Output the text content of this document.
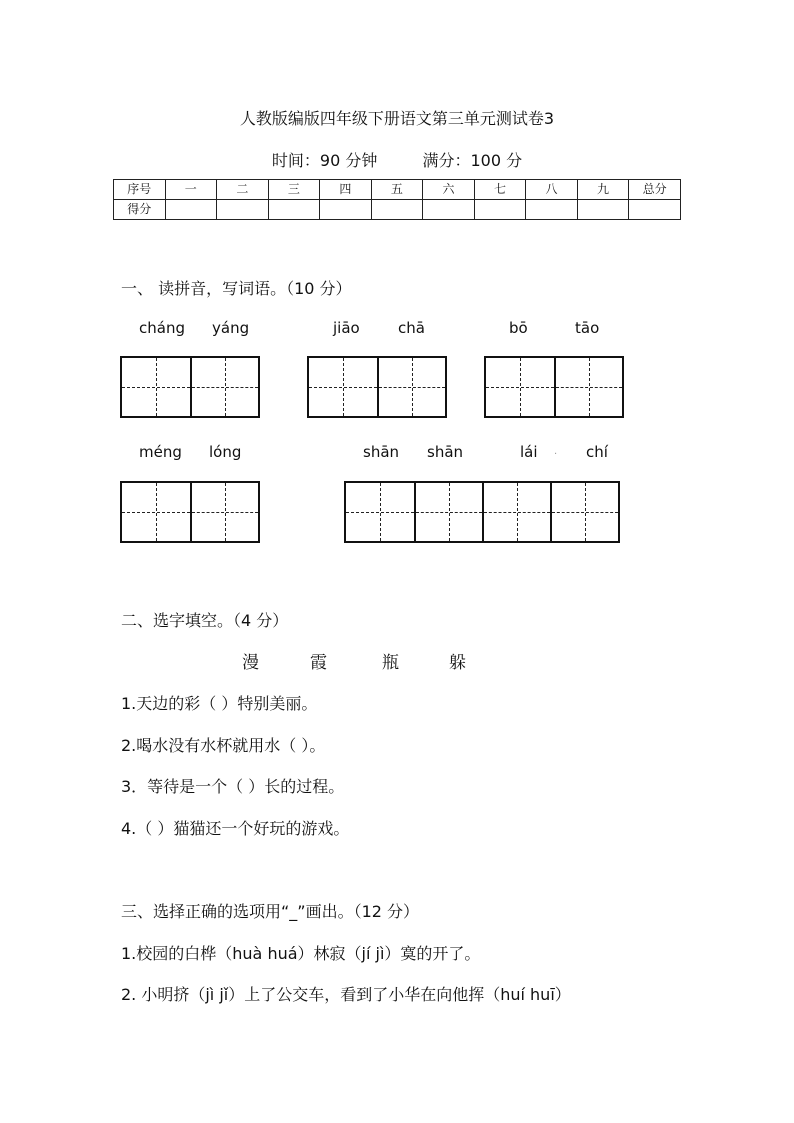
人教版编版四年级下册语文第三单元测试卷3
时间：90 分钟	满分：100 分
序号	一	二	三	四	五	六	七	八	九	总分
得分										
一、 读拼音，写词语。（10 分）
cháng yáng	jiāo	chā	bō	tāo
méng lóng	shān shān	lái . chí
二、选字填空。（4 分）
漫	霞	瓶	躲
1.天边的彩（ ）特别美丽。
2.喝水没有水杯就用水（ ）。
3．等待是一个（ ）长的过程。
4.（ ）猫猫还一个好玩的游戏。
三、选择正确的选项用“_”画出。（12 分）
1.校园的白桦（huà huá）林寂（jí jì）寞的开了。
2. 小明挤（jì jǐ）上了公交车，看到了小华在向他挥（huí huī）
